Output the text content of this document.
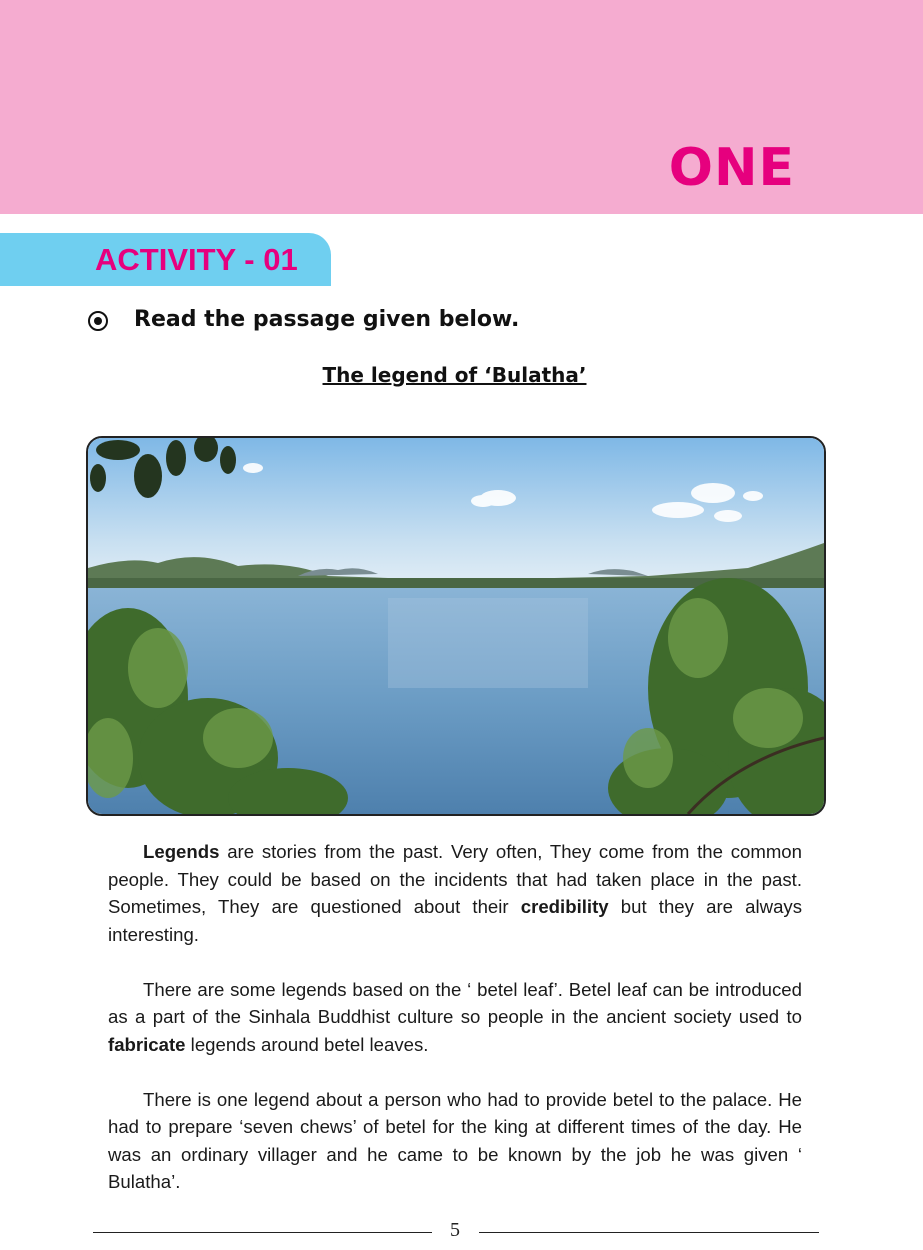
ONE
ACTIVITY - 01
Read the passage given below.
The legend of ‘Bulatha’

Legends are stories from the past. Very often, They come from the common people. They could be based on the incidents that had taken place in the past. Sometimes, They are questioned about their credibility but they are always interesting.

There are some legends based on the ‘ betel leaf’. Betel leaf can be introduced as a part of the Sinhala Buddhist culture so people in the ancient society used to fabricate legends around betel leaves.

There is one legend about a person who had to provide betel to the palace. He had to prepare ‘seven chews’ of betel for the king at different times of the day. He was an ordinary villager and he came to be known by the job he was given ‘ Bulatha’.

5
